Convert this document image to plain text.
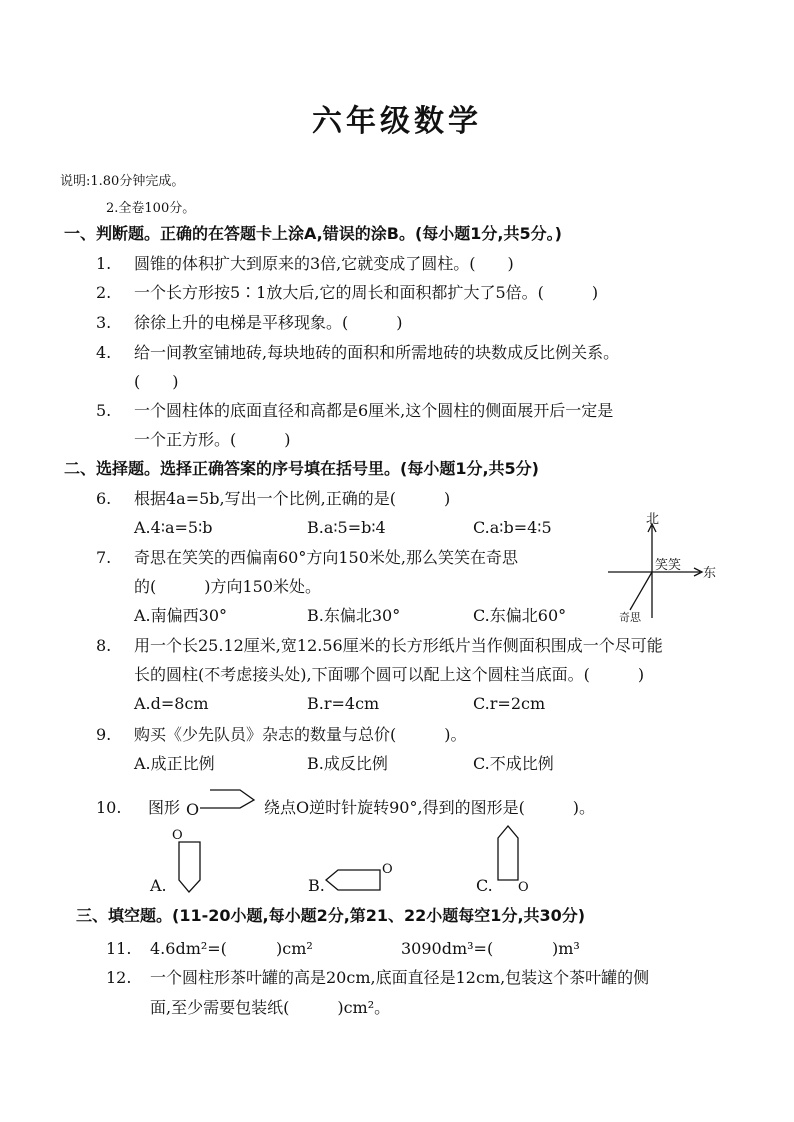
六年级数学
说明:1.80分钟完成。
2.全卷100分。
一、判断题。正确的在答题卡上涂A,错误的涂B。(每小题1分,共5分。)
1. 圆锥的体积扩大到原来的3倍,它就变成了圆柱。(　　)
2. 一个长方形按5∶1放大后,它的周长和面积都扩大了5倍。(　　　)
3. 徐徐上升的电梯是平移现象。(　　　)
4. 给一间教室铺地砖,每块地砖的面积和所需地砖的块数成反比例关系。
(　　)
5. 一个圆柱体的底面直径和高都是6厘米,这个圆柱的侧面展开后一定是
一个正方形。(　　　)
二、选择题。选择正确答案的序号填在括号里。(每小题1分,共5分)
6. 根据4a=5b,写出一个比例,正确的是(　　　)
A.4∶a=5∶b	B.a∶5=b∶4	C.a∶b=4∶5
7. 奇思在笑笑的西偏南60°方向150米处,那么笑笑在奇思
的(　　　)方向150米处。
A.南偏西30°	B.东偏北30°	C.东偏北60°
北
东
笑笑
奇思
8. 用一个长25.12厘米,宽12.56厘米的长方形纸片当作侧面积围成一个尽可能
长的圆柱(不考虑接头处),下面哪个圆可以配上这个圆柱当底面。(　　　)
A.d=8cm	B.r=4cm	C.r=2cm
9. 购买《少先队员》杂志的数量与总价(　　　)。
A.成正比例	B.成反比例	C.不成比例
10. 图形 O	绕点O逆时针旋转90°,得到的图形是(　　　)。
A.
O
B.
O
C. O
三、填空题。(11-20小题,每小题2分,第21、22小题每空1分,共30分)
11. 4.6dm²=(	)cm²	3090dm³=(	)m³
12. 一个圆柱形茶叶罐的高是20cm,底面直径是12cm,包装这个茶叶罐的侧
面,至少需要包装纸(　　　)cm²。
